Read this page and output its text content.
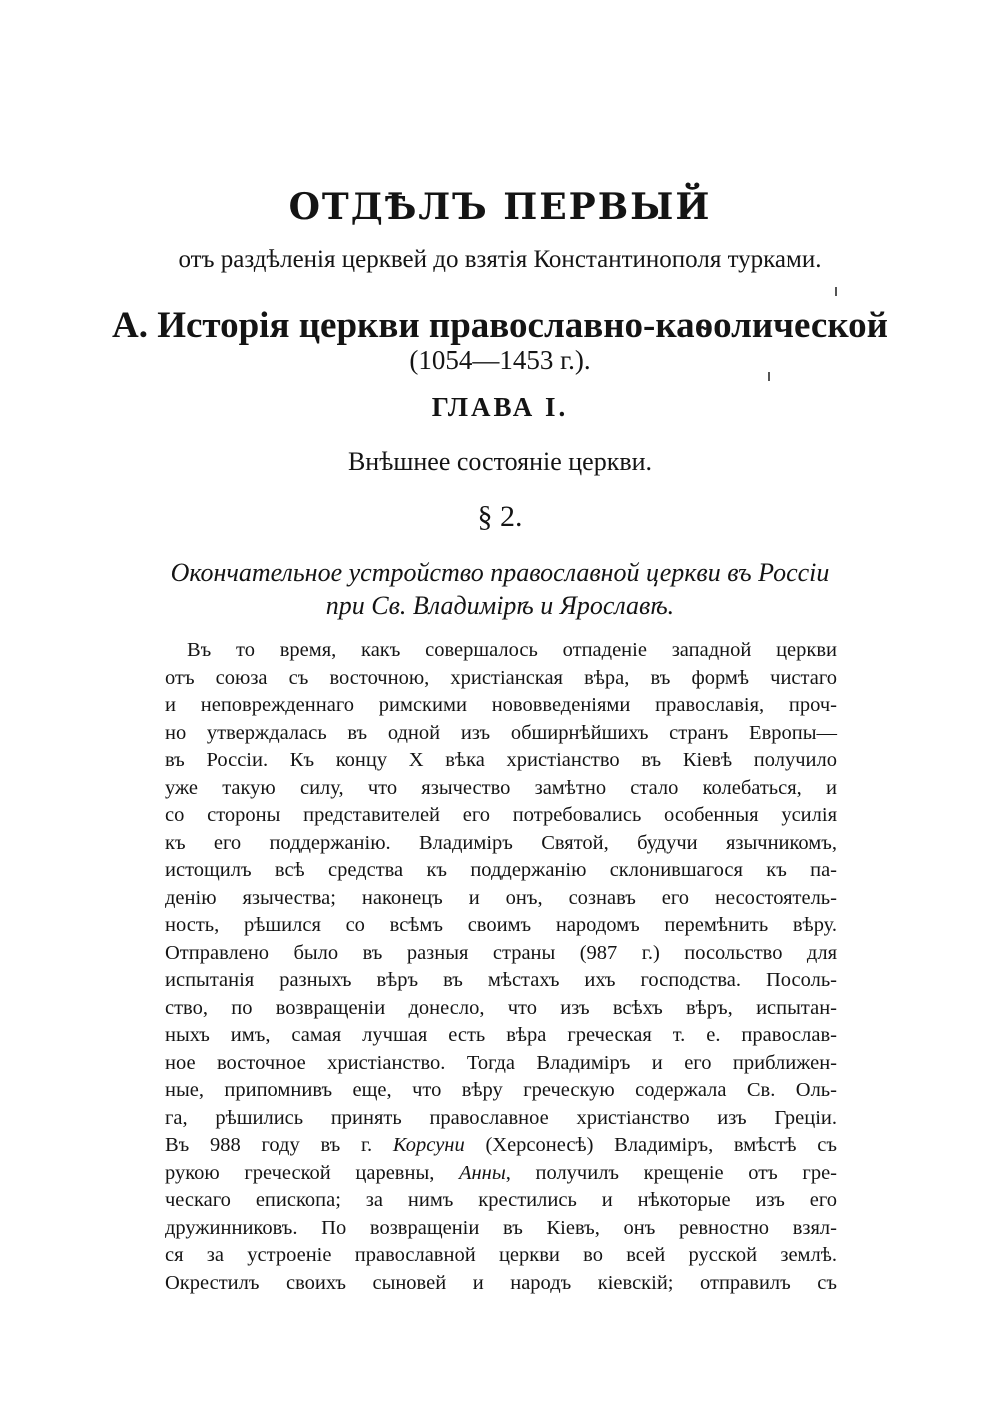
ОТДѢЛЪ ПЕРВЫЙ
отъ раздѣленія церквей до взятія Константинополя турками.
А. Исторія церкви православно-каѳолической
(1054—1453 г.).
ГЛАВА I.
Внѣшнее состояніе церкви.
§ 2.
Окончательное устройство православной церкви въ Россіи
при Св. Владимірѣ и Ярославѣ.
Въ то время, какъ совершалось отпаденіе западной церкви
отъ союза съ восточною, христіанская вѣра, въ формѣ чистаго
и неповрежденнаго римскими нововведеніями православія, проч-
но утверждалась въ одной изъ обширнѣйшихъ странъ Европы—
въ Россіи. Къ концу X вѣка христіанство въ Кіевѣ получило
уже такую силу, что язычество замѣтно стало колебаться, и
со стороны представителей его потребовались особенныя усилія
къ его поддержанію. Владиміръ Святой, будучи язычникомъ,
истощилъ всѣ средства къ поддержанію склонившагося къ па-
денію язычества; наконецъ и онъ, сознавъ его несостоятель-
ность, рѣшился со всѣмъ своимъ народомъ перемѣнить вѣру.
Отправлено было въ разныя страны (987 г.) посольство для
испытанія разныхъ вѣръ въ мѣстахъ ихъ господства. Посоль-
ство, по возвращеніи донесло, что изъ всѣхъ вѣръ, испытан-
ныхъ имъ, самая лучшая есть вѣра греческая т. е. православ-
ное восточное христіанство. Тогда Владиміръ и его приближен-
ные, припомнивъ еще, что вѣру греческую содержала Св. Оль-
га, рѣшились принять православное христіанство изъ Греціи.
Въ 988 году въ г. Корсуни (Херсонесѣ) Владиміръ, вмѣстѣ съ
рукою греческой царевны, Анны, получилъ крещеніе отъ гре-
ческаго епископа; за нимъ крестились и нѣкоторые изъ его
дружинниковъ. По возвращеніи въ Кіевъ, онъ ревностно взял-
ся за устроеніе православной церкви во всей русской землѣ.
Окрестилъ своихъ сыновей и народъ кіевскій; отправилъ съ
